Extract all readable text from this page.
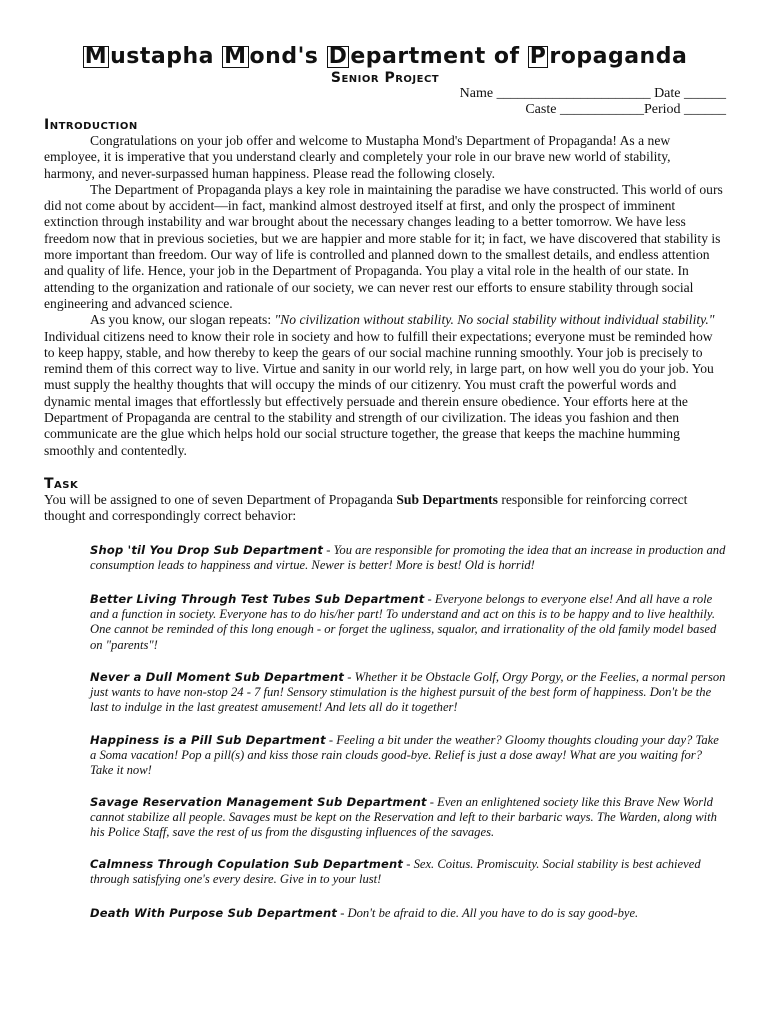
M ustapha M ond's D epartment of P ropaganda
Senior Project
Name ______________________ Date ______
Caste ____________Period ______
Introduction

Congratulations on your job offer and welcome to Mustapha Mond's Department of Propaganda! As a new employee, it is imperative that you understand clearly and completely your role in our brave new world of stability, harmony, and never-surpassed human happiness. Please read the following closely.

The Department of Propaganda plays a key role in maintaining the paradise we have constructed. This world of ours did not come about by accident—in fact, mankind almost destroyed itself at first, and only the prospect of imminent extinction through instability and war brought about the necessary changes leading to a better tomorrow. We have less freedom now that in previous societies, but we are happier and more stable for it; in fact, we have discovered that stability is more important than freedom. Our way of life is controlled and planned down to the smallest details, and endless attention and quality of life. Hence, your job in the Department of Propaganda. You play a vital role in the health of our state. In attending to the organization and rationale of our society, we can never rest our efforts to ensure stability through social engineering and advanced science.

As you know, our slogan repeats: "No civilization without stability. No social stability without individual stability." Individual citizens need to know their role in society and how to fulfill their expectations; everyone must be reminded how to keep happy, stable, and how thereby to keep the gears of our social machine running smoothly. Your job is precisely to remind them of this correct way to live. Virtue and sanity in our world rely, in large part, on how well you do your job. You must supply the healthy thoughts that will occupy the minds of our citizenry. You must craft the powerful words and dynamic mental images that effortlessly but effectively persuade and therein ensure obedience. Your efforts here at the Department of Propaganda are central to the stability and strength of our civilization. The ideas you fashion and then communicate are the glue which helps hold our social structure together, the grease that keeps the machine humming smoothly and contentedly.

Task

You will be assigned to one of seven Department of Propaganda Sub Departments responsible for reinforcing correct thought and correspondingly correct behavior:

Shop 'til You Drop Sub Department - You are responsible for promoting the idea that an increase in production and consumption leads to happiness and virtue. Newer is better! More is best! Old is horrid!
Better Living Through Test Tubes Sub Department - Everyone belongs to everyone else! And all have a role and a function in society. Everyone has to do his/her part! To understand and act on this is to be happy and to live healthily. One cannot be reminded of this long enough - or forget the ugliness, squalor, and irrationality of the old family model based on "parents"!
Never a Dull Moment Sub Department - Whether it be Obstacle Golf, Orgy Porgy, or the Feelies, a normal person just wants to have non-stop 24 - 7 fun! Sensory stimulation is the highest pursuit of the best form of happiness. Don't be the last to indulge in the last greatest amusement! And lets all do it together!
Happiness is a Pill Sub Department - Feeling a bit under the weather? Gloomy thoughts clouding your day? Take a Soma vacation! Pop a pill(s) and kiss those rain clouds good-bye. Relief is just a dose away! What are you waiting for? Take it now!
Savage Reservation Management Sub Department - Even an enlightened society like this Brave New World cannot stabilize all people. Savages must be kept on the Reservation and left to their barbaric ways. The Warden, along with his Police Staff, save the rest of us from the disgusting influences of the savages.
Calmness Through Copulation Sub Department - Sex. Coitus. Promiscuity. Social stability is best achieved through satisfying one's every desire. Give in to your lust!
Death With Purpose Sub Department - Don't be afraid to die. All you have to do is say good-bye.
